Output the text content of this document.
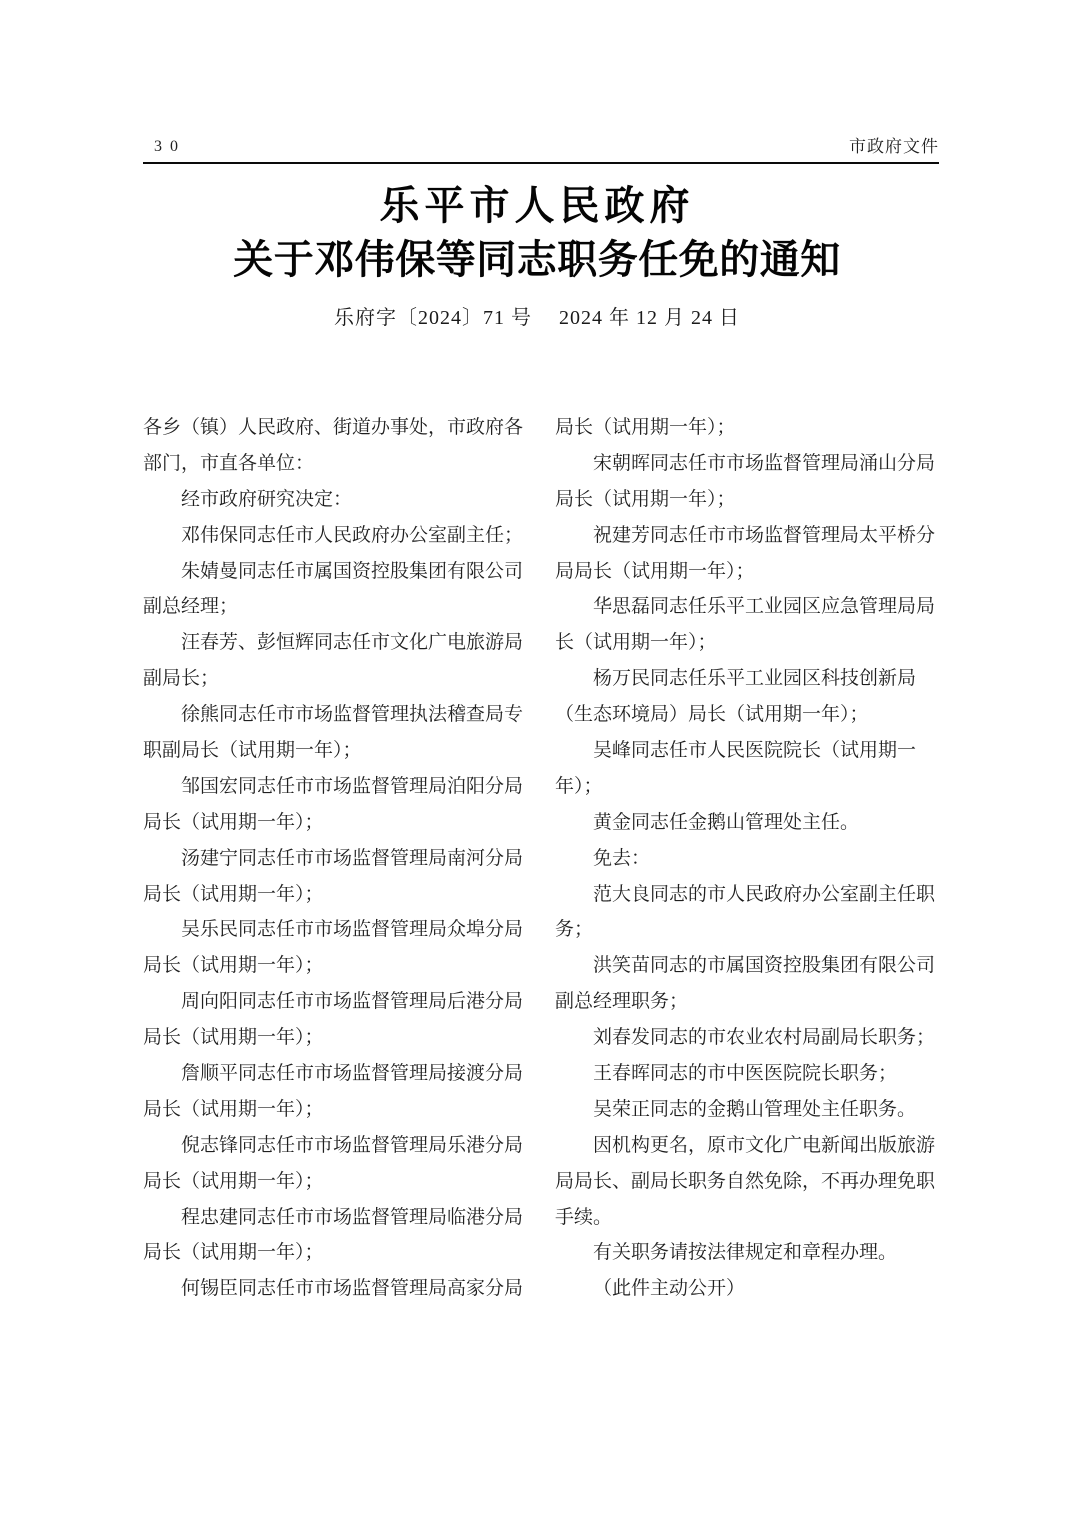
3 0	市政府文件
乐平市人民政府
关于邓伟保等同志职务任免的通知
乐府字〔2024〕71 号　 2024 年 12 月 24 日
各乡（镇）人民政府、街道办事处，市政府各
部门，市直各单位：
经市政府研究决定：
邓伟保同志任市人民政府办公室副主任；
朱婧曼同志任市属国资控股集团有限公司
副总经理；
汪春芳、彭恒辉同志任市文化广电旅游局
副局长；
徐熊同志任市市场监督管理执法稽查局专
职副局长（试用期一年）；
邹国宏同志任市市场监督管理局泊阳分局
局长（试用期一年）；
汤建宁同志任市市场监督管理局南河分局
局长（试用期一年）；
吴乐民同志任市市场监督管理局众埠分局
局长（试用期一年）；
周向阳同志任市市场监督管理局后港分局
局长（试用期一年）；
詹顺平同志任市市场监督管理局接渡分局
局长（试用期一年）；
倪志锋同志任市市场监督管理局乐港分局
局长（试用期一年）；
程忠建同志任市市场监督管理局临港分局
局长（试用期一年）；
何锡臣同志任市市场监督管理局高家分局
局长（试用期一年）；
宋朝晖同志任市市场监督管理局涌山分局
局长（试用期一年）；
祝建芳同志任市市场监督管理局太平桥分
局局长（试用期一年）；
华思磊同志任乐平工业园区应急管理局局
长（试用期一年）；
杨万民同志任乐平工业园区科技创新局
（生态环境局）局长（试用期一年）；
吴峰同志任市人民医院院长（试用期一
年）；
黄金同志任金鹅山管理处主任。
免去：
范大良同志的市人民政府办公室副主任职
务；
洪笑苗同志的市属国资控股集团有限公司
副总经理职务；
刘春发同志的市农业农村局副局长职务；
王春晖同志的市中医医院院长职务；
吴荣正同志的金鹅山管理处主任职务。
因机构更名，原市文化广电新闻出版旅游
局局长、副局长职务自然免除，不再办理免职
手续。
有关职务请按法律规定和章程办理。
（此件主动公开）
